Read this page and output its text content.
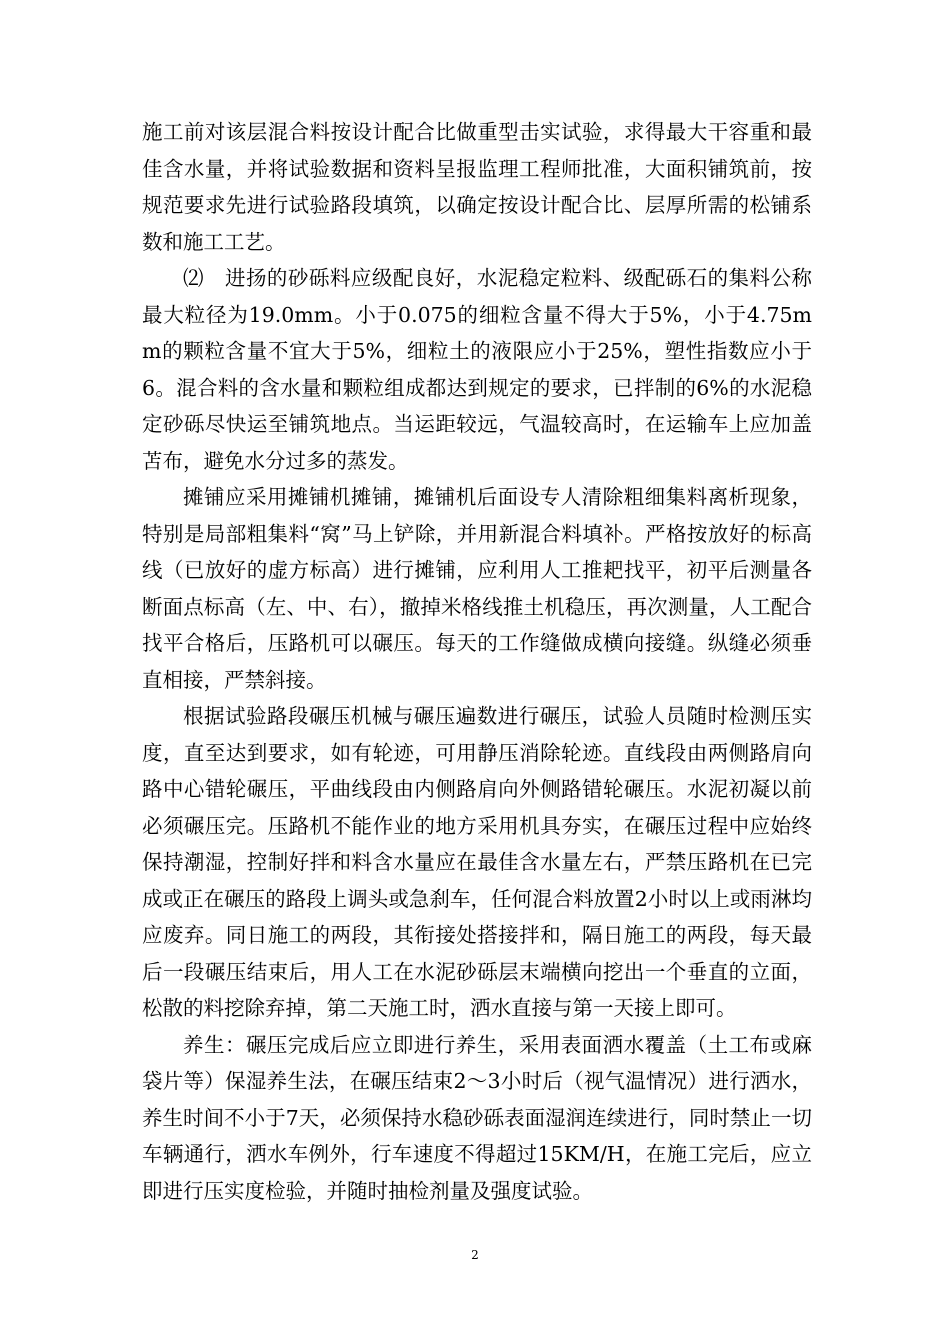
施工前对该层混合料按设计配合比做重型击实试验，求得最大干容重和最佳含水量，并将试验数据和资料呈报监理工程师批准，大面积铺筑前，按规范要求先进行试验路段填筑，以确定按设计配合比、层厚所需的松铺系数和施工工艺。

⑵　进扬的砂砾料应级配良好，水泥稳定粒料、级配砾石的集料公称最大粒径为19.0mm。小于0.075的细粒含量不得大于5%，小于4.75mm的颗粒含量不宜大于5%，细粒土的液限应小于25%，塑性指数应小于6。混合料的含水量和颗粒组成都达到规定的要求，已拌制的6%的水泥稳定砂砾尽快运至铺筑地点。当运距较远，气温较高时，在运输车上应加盖苫布，避免水分过多的蒸发。

摊铺应采用摊铺机摊铺，摊铺机后面设专人清除粗细集料离析现象，特别是局部粗集料“窝”马上铲除，并用新混合料填补。严格按放好的标高线（已放好的虚方标高）进行摊铺，应利用人工推耙找平，初平后测量各断面点标高（左、中、右），撤掉米格线推土机稳压，再次测量，人工配合找平合格后，压路机可以碾压。每天的工作缝做成横向接缝。纵缝必须垂直相接，严禁斜接。

根据试验路段碾压机械与碾压遍数进行碾压，试验人员随时检测压实度，直至达到要求，如有轮迹，可用静压消除轮迹。直线段由两侧路肩向路中心错轮碾压，平曲线段由内侧路肩向外侧路错轮碾压。水泥初凝以前必须碾压完。压路机不能作业的地方采用机具夯实，在碾压过程中应始终保持潮湿，控制好拌和料含水量应在最佳含水量左右，严禁压路机在已完成或正在碾压的路段上调头或急刹车，任何混合料放置2小时以上或雨淋均应废弃。同日施工的两段，其衔接处搭接拌和，隔日施工的两段，每天最后一段碾压结束后，用人工在水泥砂砾层末端横向挖出一个垂直的立面，松散的料挖除弃掉，第二天施工时，洒水直接与第一天接上即可。

养生：碾压完成后应立即进行养生，采用表面洒水覆盖（土工布或麻袋片等）保湿养生法，在碾压结束2～3小时后（视气温情况）进行洒水，养生时间不小于7天，必须保持水稳砂砾表面湿润连续进行，同时禁止一切车辆通行，洒水车例外，行车速度不得超过15KM/H，在施工完后，应立即进行压实度检验，并随时抽检剂量及强度试验。

2
